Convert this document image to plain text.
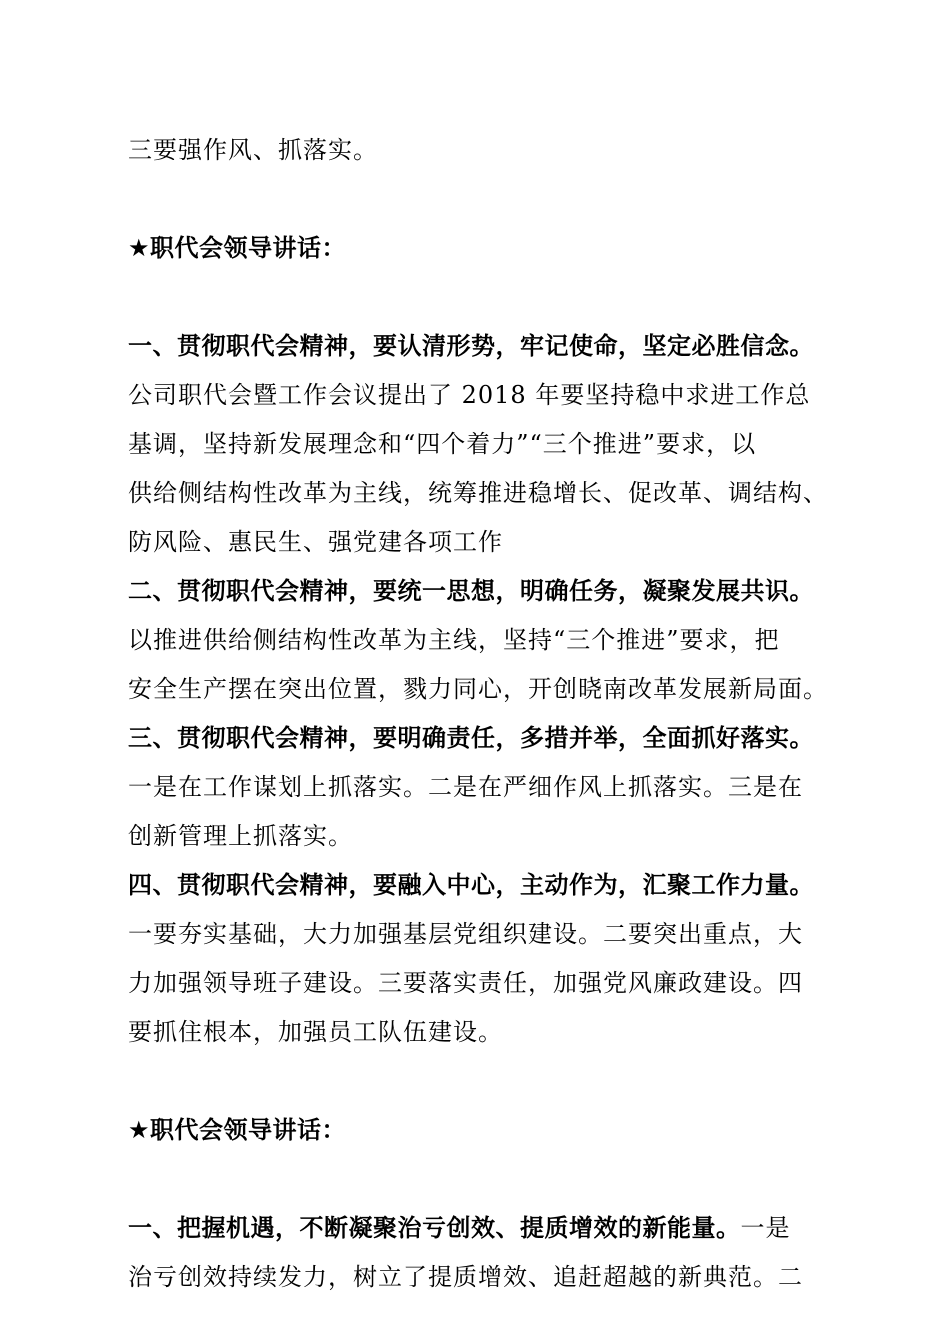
三要强作风、抓落实。
★职代会领导讲话：
一、贯彻职代会精神，要认清形势，牢记使命，坚定必胜信念。
公司职代会暨工作会议提出了 2018 年要坚持稳中求进工作总
基调，坚持新发展理念和“四个着力”“三个推进”要求，以
供给侧结构性改革为主线，统筹推进稳增长、促改革、调结构、
防风险、惠民生、强党建各项工作
二、贯彻职代会精神，要统一思想，明确任务，凝聚发展共识。
以推进供给侧结构性改革为主线，坚持“三个推进”要求，把
安全生产摆在突出位置，戮力同心，开创晓南改革发展新局面。
三、贯彻职代会精神，要明确责任，多措并举，全面抓好落实。
一是在工作谋划上抓落实。二是在严细作风上抓落实。三是在
创新管理上抓落实。
四、贯彻职代会精神，要融入中心，主动作为，汇聚工作力量。
一要夯实基础，大力加强基层党组织建设。二要突出重点，大
力加强领导班子建设。三要落实责任，加强党风廉政建设。四
要抓住根本，加强员工队伍建设。
★职代会领导讲话：
一、把握机遇，不断凝聚治亏创效、提质增效的新能量。一是
治亏创效持续发力，树立了提质增效、追赶超越的新典范。二
